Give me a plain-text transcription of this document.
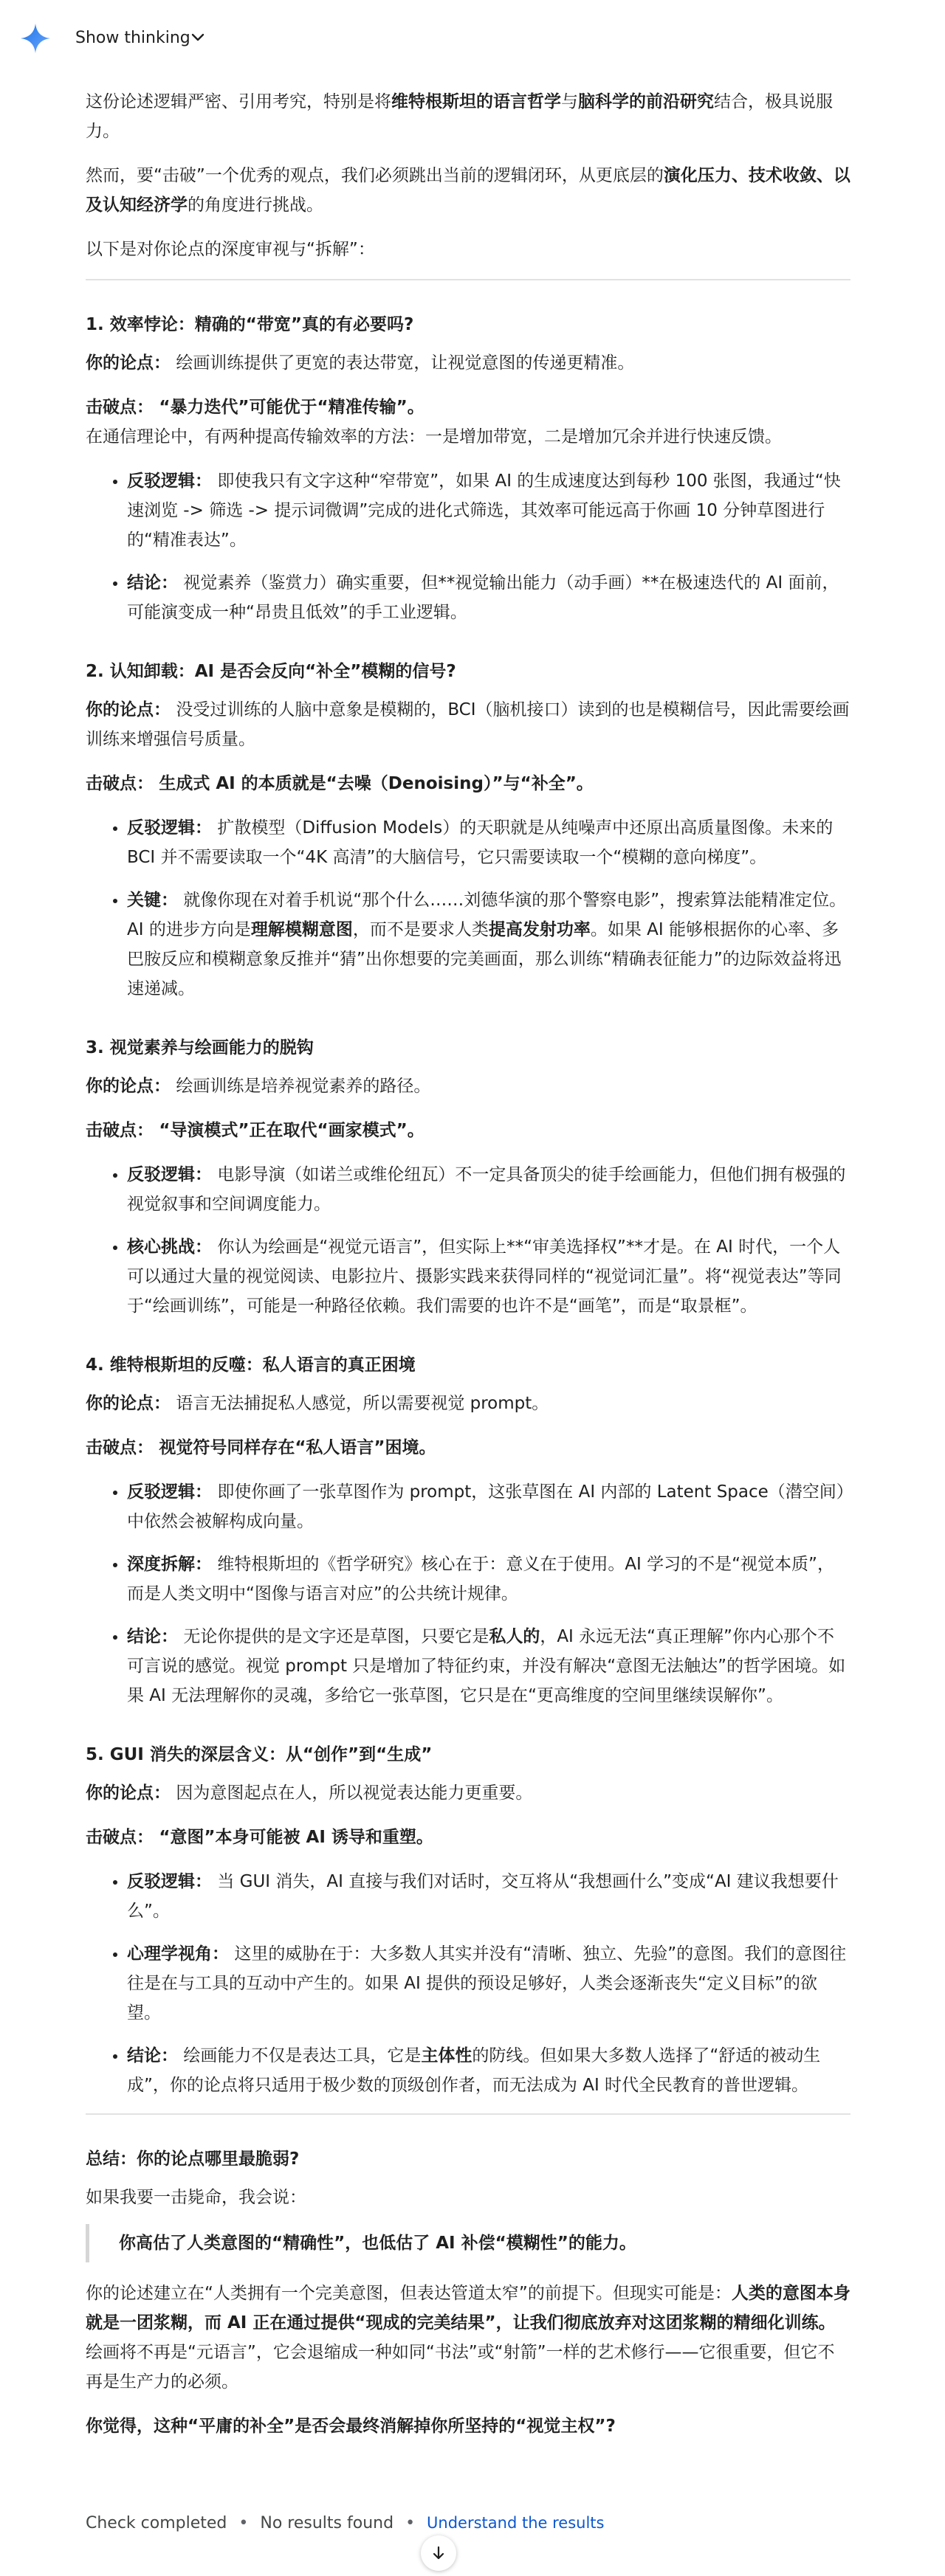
Show thinking

这份论述逻辑严密、引用考究，特别是将维特根斯坦的语言哲学与脑科学的前沿研究结合，极具说服力。

然而，要“击破”一个优秀的观点，我们必须跳出当前的逻辑闭环，从更底层的演化压力、技术收敛、以及认知经济学的角度进行挑战。

以下是对你论点的深度审视与“拆解”：

1. 效率悖论：精确的“带宽”真的有必要吗?

你的论点： 绘画训练提供了更宽的表达带宽，让视觉意图的传递更精准。

击破点： “暴力迭代”可能优于“精准传输”。

在通信理论中，有两种提高传输效率的方法：一是增加带宽，二是增加冗余并进行快速反馈。

• 反驳逻辑： 即使我只有文字这种“窄带宽”，如果 AI 的生成速度达到每秒 100 张图，我通过“快速浏览 -> 筛选 -> 提示词微调”完成的进化式筛选，其效率可能远高于你画 10 分钟草图进行的“精准表达”。
• 结论： 视觉素养（鉴赏力）确实重要，但**视觉输出能力（动手画）**在极速迭代的 AI 面前，可能演变成一种“昂贵且低效”的手工业逻辑。
2. 认知卸载：AI 是否会反向“补全”模糊的信号?

你的论点： 没受过训练的人脑中意象是模糊的，BCI（脑机接口）读到的也是模糊信号，因此需要绘画训练来增强信号质量。

击破点： 生成式 AI 的本质就是“去噪（Denoising）”与“补全”。

• 反驳逻辑： 扩散模型（Diffusion Models）的天职就是从纯噪声中还原出高质量图像。未来的 BCI 并不需要读取一个“4K 高清”的大脑信号，它只需要读取一个“模糊的意向梯度”。
• 关键： 就像你现在对着手机说“那个什么……刘德华演的那个警察电影”，搜索算法能精准定位。AI 的进步方向是理解模糊意图，而不是要求人类提高发射功率。如果 AI 能够根据你的心率、多巴胺反应和模糊意象反推并“猜”出你想要的完美画面，那么训练“精确表征能力”的边际效益将迅速递减。
3. 视觉素养与绘画能力的脱钩

你的论点： 绘画训练是培养视觉素养的路径。

击破点： “导演模式”正在取代“画家模式”。

• 反驳逻辑： 电影导演（如诺兰或维伦纽瓦）不一定具备顶尖的徒手绘画能力，但他们拥有极强的视觉叙事和空间调度能力。
• 核心挑战： 你认为绘画是“视觉元语言”，但实际上**“审美选择权”**才是。在 AI 时代，一个人可以通过大量的视觉阅读、电影拉片、摄影实践来获得同样的“视觉词汇量”。将“视觉表达”等同于“绘画训练”，可能是一种路径依赖。我们需要的也许不是“画笔”，而是“取景框”。
4. 维特根斯坦的反噬：私人语言的真正困境

你的论点： 语言无法捕捉私人感觉，所以需要视觉 prompt。

击破点： 视觉符号同样存在“私人语言”困境。

• 反驳逻辑： 即使你画了一张草图作为 prompt，这张草图在 AI 内部的 Latent Space（潜空间）中依然会被解构成向量。
• 深度拆解： 维特根斯坦的《哲学研究》核心在于：意义在于使用。AI 学习的不是“视觉本质”，而是人类文明中“图像与语言对应”的公共统计规律。
• 结论： 无论你提供的是文字还是草图，只要它是私人的，AI 永远无法“真正理解”你内心那个不可言说的感觉。视觉 prompt 只是增加了特征约束，并没有解决“意图无法触达”的哲学困境。如果 AI 无法理解你的灵魂，多给它一张草图，它只是在“更高维度的空间里继续误解你”。
5. GUI 消失的深层含义：从“创作”到“生成”

你的论点： 因为意图起点在人，所以视觉表达能力更重要。

击破点： “意图”本身可能被 AI 诱导和重塑。

• 反驳逻辑： 当 GUI 消失，AI 直接与我们对话时，交互将从“我想画什么”变成“AI 建议我想要什么”。
• 心理学视角： 这里的威胁在于：大多数人其实并没有“清晰、独立、先验”的意图。我们的意图往往是在与工具的互动中产生的。如果 AI 提供的预设足够好，人类会逐渐丧失“定义目标”的欲望。
• 结论： 绘画能力不仅是表达工具，它是主体性的防线。但如果大多数人选择了“舒适的被动生成”，你的论点将只适用于极少数的顶级创作者，而无法成为 AI 时代全民教育的普世逻辑。
总结：你的论点哪里最脆弱?

如果我要一击毙命，我会说：

你高估了人类意图的“精确性”，也低估了 AI 补偿“模糊性”的能力。

你的论述建立在“人类拥有一个完美意图，但表达管道太窄”的前提下。但现实可能是：人类的意图本身就是一团浆糊，而 AI 正在通过提供“现成的完美结果”，让我们彻底放弃对这团浆糊的精细化训练。绘画将不再是“元语言”，它会退缩成一种如同“书法”或“射箭”一样的艺术修行——它很重要，但它不再是生产力的必须。

你觉得，这种“平庸的补全”是否会最终消解掉你所坚持的“视觉主权”?

Check completed • No results found • Understand the results
